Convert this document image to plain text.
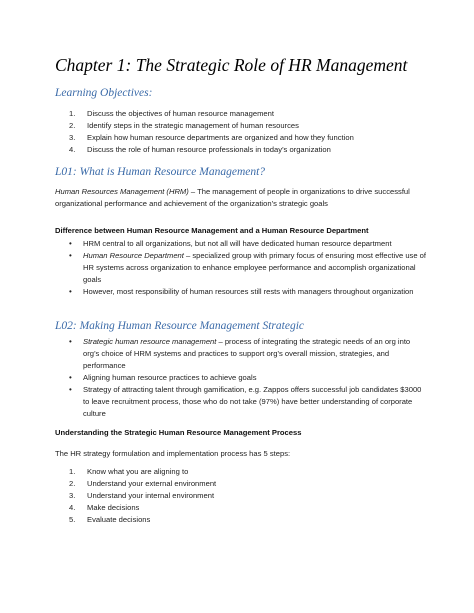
Chapter 1: The Strategic Role of HR Management
Learning Objectives:
1. Discuss the objectives of human resource management
2. Identify steps in the strategic management of human resources
3. Explain how human resource departments are organized and how they function
4. Discuss the role of human resource professionals in today’s organization
L01: What is Human Resource Management?
Human Resources Management (HRM) – The management of people in organizations to drive successful organizational performance and achievement of the organization’s strategic goals
Difference between Human Resource Management and a Human Resource Department
• HRM central to all organizations, but not all will have dedicated human resource department
• Human Resource Department – specialized group with primary focus of ensuring most effective use of HR systems across organization to enhance employee performance and accomplish organizational goals
• However, most responsibility of human resources still rests with managers throughout organization
L02: Making Human Resource Management Strategic
• Strategic human resource management – process of integrating the strategic needs of an org into org’s choice of HRM systems and practices to support org’s overall mission, strategies, and performance
• Aligning human resource practices to achieve goals
• Strategy of attracting talent through gamification, e.g. Zappos offers successful job candidates $3000 to leave recruitment process, those who do not take (97%) have better understanding of corporate culture
Understanding the Strategic Human Resource Management Process
The HR strategy formulation and implementation process has 5 steps:
1. Know what you are aligning to
2. Understand your external environment
3. Understand your internal environment
4. Make decisions
5. Evaluate decisions
